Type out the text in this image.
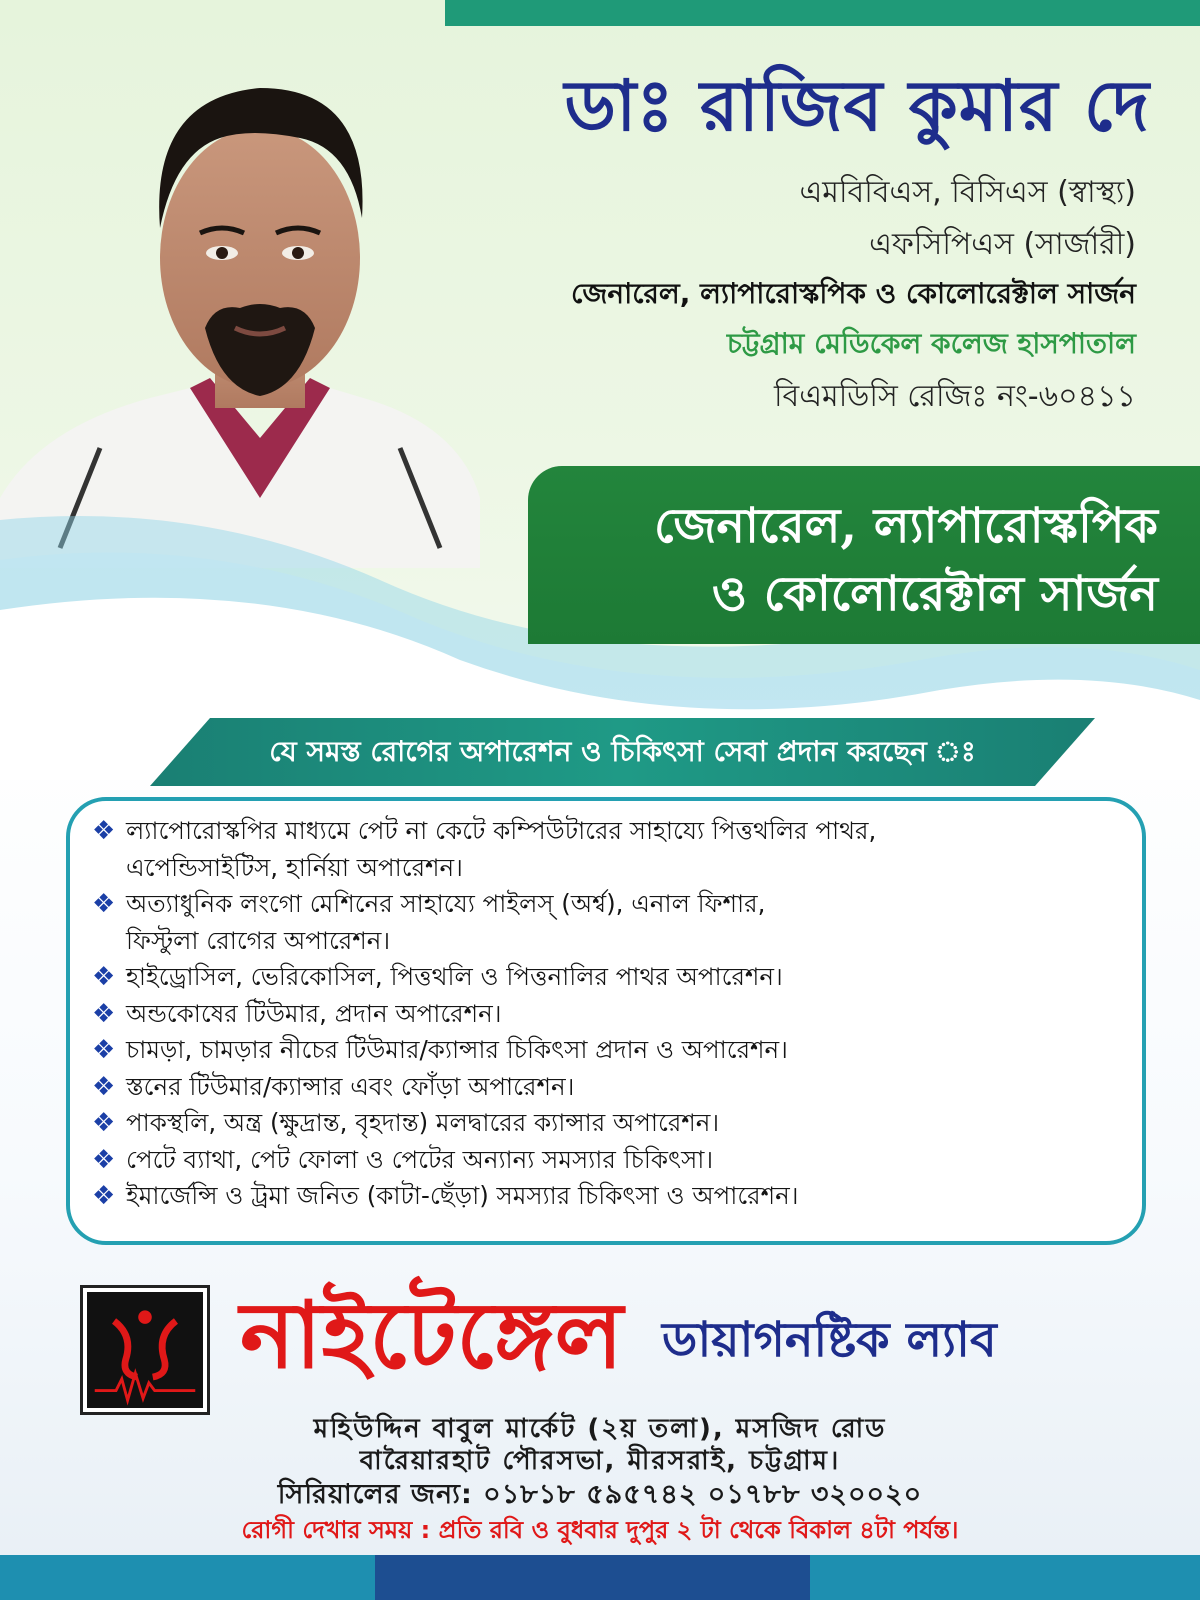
ডাঃ রাজিব কুমার দে

এমবিবিএস, বিসিএস (স্বাস্থ্য)

এফসিপিএস (সার্জারী)

জেনারেল, ল্যাপারোস্কপিক ও কোলোরেক্টাল সার্জন

চট্টগ্রাম মেডিকেল কলেজ হাসপাতাল

বিএমডিসি রেজিঃ নং-৬০৪১১

জেনারেল, ল্যাপারোস্কপিক
ও কোলোরেক্টাল সার্জন
যে সমস্ত রোগের অপারেশন ও চিকিৎসা সেবা প্রদান করছেন ঃ
❖ ল্যাপোরোস্কপির মাধ্যমে পেট না কেটে কম্পিউটারের সাহায্যে পিত্তথলির পাথর,
এপেন্ডিসাইটিস, হার্নিয়া অপারেশন।
❖ অত্যাধুনিক লংগো মেশিনের সাহায্যে পাইলস্ (অর্শ্ব), এনাল ফিশার,
ফিস্টুলা রোগের অপারেশন।
❖ হাইড্রোসিল, ভেরিকোসিল, পিত্তথলি ও পিত্তনালির পাথর অপারেশন।
❖ অন্ডকোষের টিউমার, প্রদান অপারেশন।
❖ চামড়া, চামড়ার নীচের টিউমার/ক্যান্সার চিকিৎসা প্রদান ও অপারেশন।
❖ স্তনের টিউমার/ক্যান্সার এবং ফোঁড়া অপারেশন।
❖ পাকস্থলি, অন্ত্র (ক্ষুদ্রান্ত, বৃহদান্ত) মলদ্বারের ক্যান্সার অপারেশন।
❖ পেটে ব্যাথা, পেট ফোলা ও পেটের অন্যান্য সমস্যার চিকিৎসা।
❖ ইমার্জেন্সি ও ট্রমা জনিত (কাটা-ছেঁড়া) সমস্যার চিকিৎসা ও অপারেশন।
নাইটেঙ্গেল ডায়াগনষ্টিক ল্যাব

মহিউদ্দিন বাবুল মার্কেট (২য় তলা), মসজিদ রোড

বারৈয়ারহাট পৌরসভা, মীরসরাই, চট্টগ্রাম।

সিরিয়ালের জন্য: ০১৮১৮ ৫৯৫৭৪২ ০১৭৮৮ ৩২০০২০

রোগী দেখার সময় : প্রতি রবি ও বুধবার দুপুর ২ টা থেকে বিকাল ৪টা পর্যন্ত।
